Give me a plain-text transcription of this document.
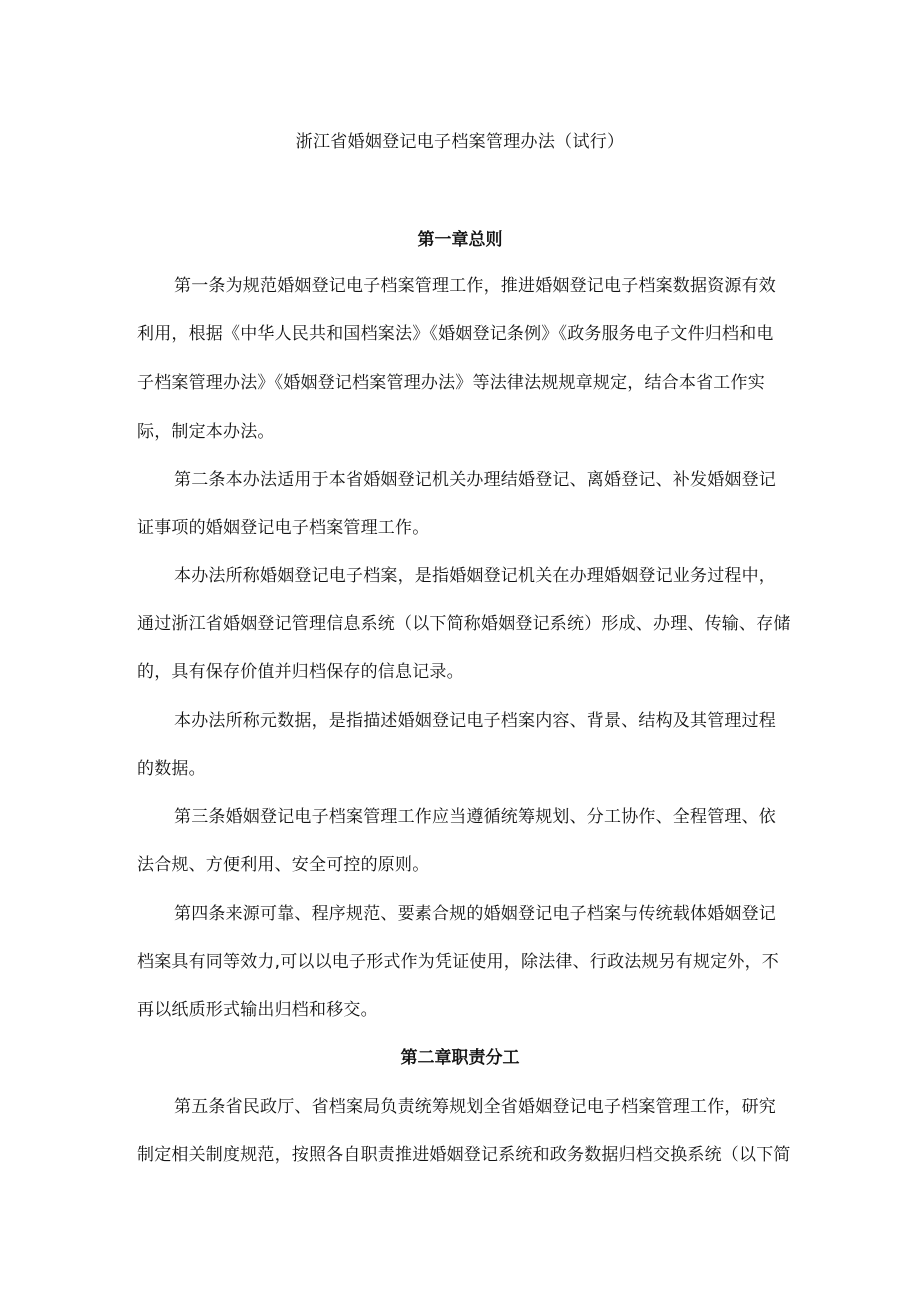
浙江省婚姻登记电子档案管理办法（试行）
第一章总则
第一条为规范婚姻登记电子档案管理工作，推进婚姻登记电子档案数据资源有效
利用，根据《中华人民共和国档案法》《婚姻登记条例》《政务服务电子文件归档和电
子档案管理办法》《婚姻登记档案管理办法》等法律法规规章规定，结合本省工作实
际，制定本办法。
第二条本办法适用于本省婚姻登记机关办理结婚登记、离婚登记、补发婚姻登记
证事项的婚姻登记电子档案管理工作。
本办法所称婚姻登记电子档案，是指婚姻登记机关在办理婚姻登记业务过程中，
通过浙江省婚姻登记管理信息系统（以下简称婚姻登记系统）形成、办理、传输、存储
的，具有保存价值并归档保存的信息记录。
本办法所称元数据，是指描述婚姻登记电子档案内容、背景、结构及其管理过程
的数据。
第三条婚姻登记电子档案管理工作应当遵循统筹规划、分工协作、全程管理、依
法合规、方便利用、安全可控的原则。
第四条来源可靠、程序规范、要素合规的婚姻登记电子档案与传统载体婚姻登记
档案具有同等效力,可以以电子形式作为凭证使用，除法律、行政法规另有规定外，不
再以纸质形式输出归档和移交。
第二章职责分工
第五条省民政厅、省档案局负责统筹规划全省婚姻登记电子档案管理工作，研究
制定相关制度规范，按照各自职责推进婚姻登记系统和政务数据归档交换系统（以下简
